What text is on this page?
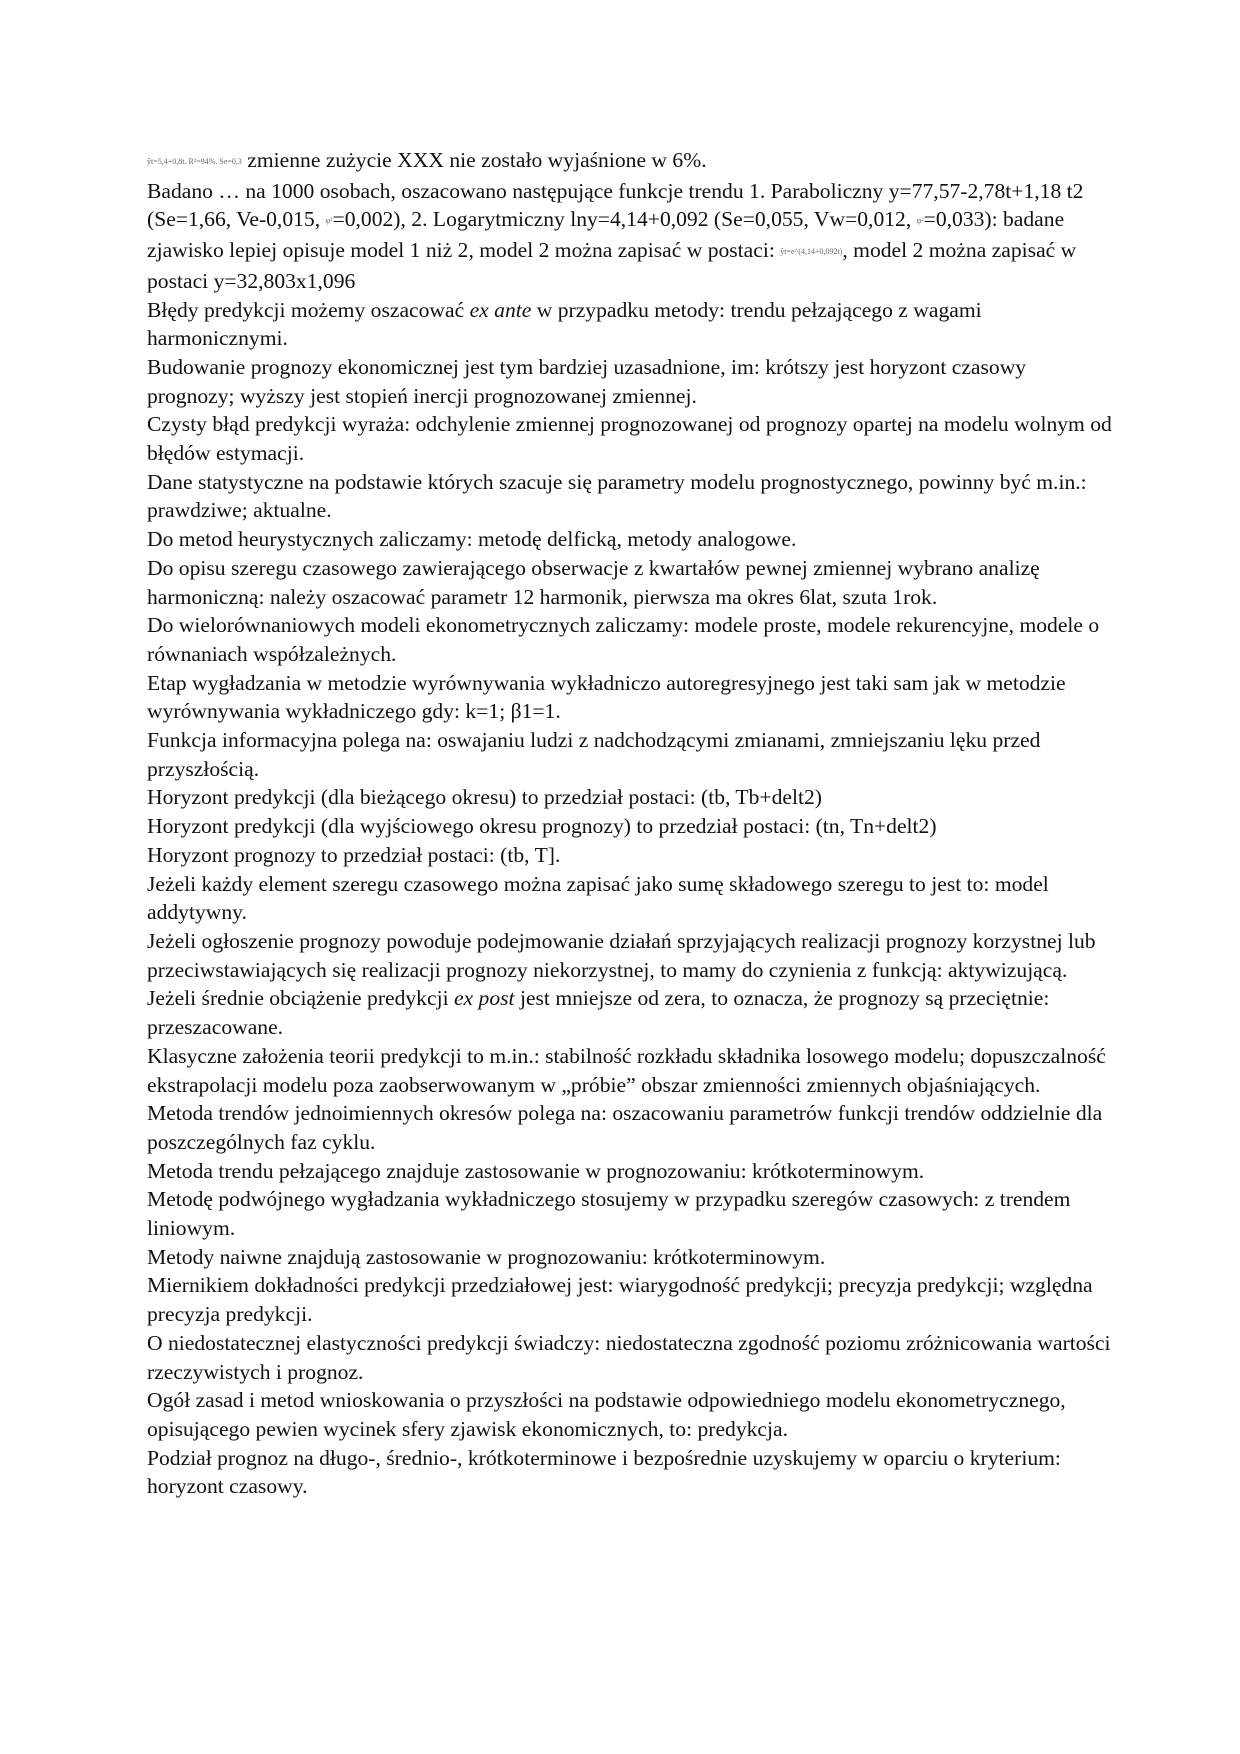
ŷt=5,4+0,8t. R²=94%. Se=0,3 zmienne zużycie XXX nie zostało wyjaśnione w 6%.

Badano … na 1000 osobach, oszacowano następujące funkcje trendu 1. Paraboliczny y=77,57-2,78t+1,18 t2 (Se=1,66, Ve-0,015, φ²=0,002), 2. Logarytmiczny lny=4,14+0,092 (Se=0,055, Vw=0,012, φ²=0,033): badane zjawisko lepiej opisuje model 1 niż 2, model 2 można zapisać w postaci: ŷt=e^(4,14+0,092t), model 2 można zapisać w postaci y=32,803x1,096

Błędy predykcji możemy oszacować ex ante w przypadku metody: trendu pełzającego z wagami harmonicznymi.

Budowanie prognozy ekonomicznej jest tym bardziej uzasadnione, im: krótszy jest horyzont czasowy prognozy; wyższy jest stopień inercji prognozowanej zmiennej.

Czysty błąd predykcji wyraża: odchylenie zmiennej prognozowanej od prognozy opartej na modelu wolnym od błędów estymacji.

Dane statystyczne na podstawie których szacuje się parametry modelu prognostycznego, powinny być m.in.: prawdziwe; aktualne.

Do metod heurystycznych zaliczamy: metodę delficką, metody analogowe.

Do opisu szeregu czasowego zawierającego obserwacje z kwartałów pewnej zmiennej wybrano analizę harmoniczną: należy oszacować parametr 12 harmonik, pierwsza ma okres 6lat, szuta 1rok.

Do wielorównaniowych modeli ekonometrycznych zaliczamy: modele proste, modele rekurencyjne, modele o równaniach współzależnych.

Etap wygładzania w metodzie wyrównywania wykładniczo autoregresyjnego jest taki sam jak w metodzie wyrównywania wykładniczego gdy: k=1; β1=1.

Funkcja informacyjna polega na: oswajaniu ludzi z nadchodzącymi zmianami, zmniejszaniu lęku przed przyszłością.

Horyzont predykcji (dla bieżącego okresu) to przedział postaci: (tb, Tb+delt2)

Horyzont predykcji (dla wyjściowego okresu prognozy) to przedział postaci: (tn, Tn+delt2)

Horyzont prognozy to przedział postaci: (tb, T].

Jeżeli każdy element szeregu czasowego można zapisać jako sumę składowego szeregu to jest to: model addytywny.

Jeżeli ogłoszenie prognozy powoduje podejmowanie działań sprzyjających realizacji prognozy korzystnej lub przeciwstawiających się realizacji prognozy niekorzystnej, to mamy do czynienia z funkcją: aktywizującą.

Jeżeli średnie obciążenie predykcji ex post jest mniejsze od zera, to oznacza, że prognozy są przeciętnie: przeszacowane.

Klasyczne założenia teorii predykcji to m.in.: stabilność rozkładu składnika losowego modelu; dopuszczalność ekstrapolacji modelu poza zaobserwowanym w „próbie” obszar zmienności zmiennych objaśniających.

Metoda trendów jednoimiennych okresów polega na: oszacowaniu parametrów funkcji trendów oddzielnie dla poszczególnych faz cyklu.

Metoda trendu pełzającego znajduje zastosowanie w prognozowaniu: krótkoterminowym.

Metodę podwójnego wygładzania wykładniczego stosujemy w przypadku szeregów czasowych: z trendem liniowym.

Metody naiwne znajdują zastosowanie w prognozowaniu: krótkoterminowym.

Miernikiem dokładności predykcji przedziałowej jest: wiarygodność predykcji; precyzja predykcji; względna precyzja predykcji.

O niedostatecznej elastyczności predykcji świadczy: niedostateczna zgodność poziomu zróżnicowania wartości rzeczywistych i prognoz.

Ogół zasad i metod wnioskowania o przyszłości na podstawie odpowiedniego modelu ekonometrycznego, opisującego pewien wycinek sfery zjawisk ekonomicznych, to: predykcja.

Podział prognoz na długo-, średnio-, krótkoterminowe i bezpośrednie uzyskujemy w oparciu o kryterium: horyzont czasowy.
